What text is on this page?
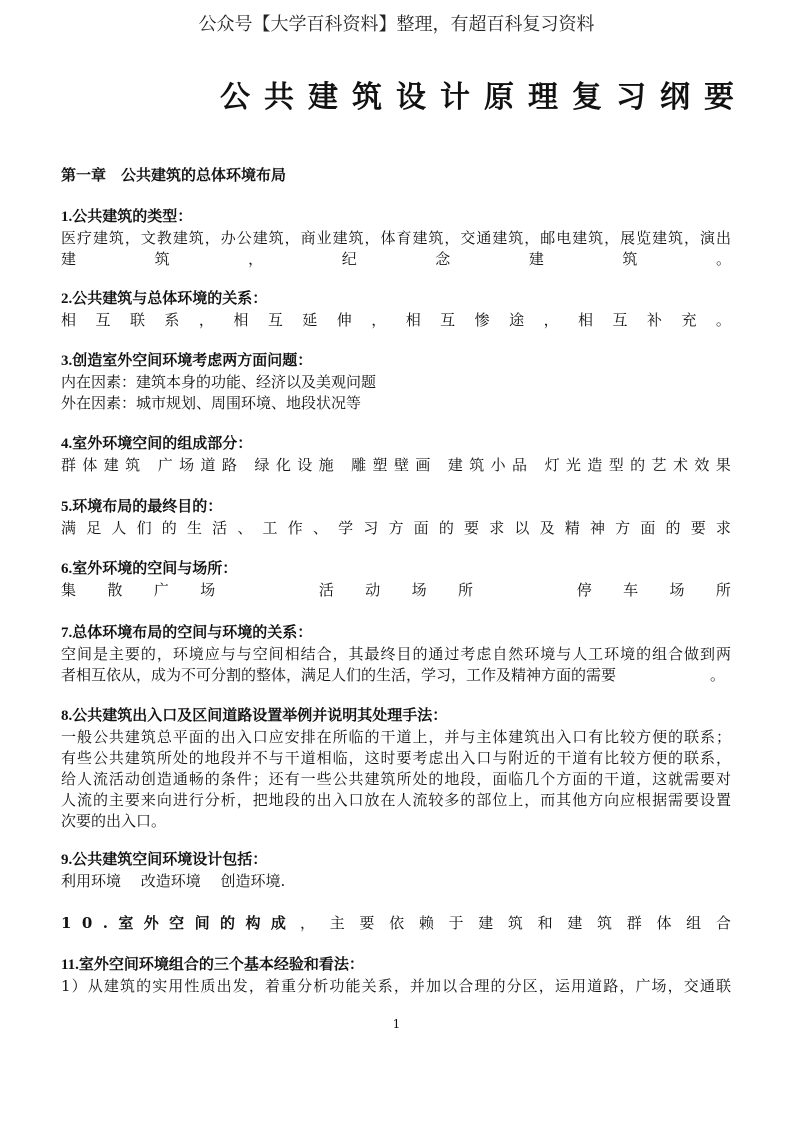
公众号【大学百科资料】整理，有超百科复习资料
公 共 建 筑 设 计 原 理 复 习 纲 要
第一章　公共建筑的总体环境布局
1.公共建筑的类型：
医疗建筑，文教建筑，办公建筑，商业建筑，体育建筑，交通建筑，邮电建筑，展览建筑，演出
建	筑	，	纪	念	建	筑	。
2.公共建筑与总体环境的关系：
相 互 联 系 ， 相 互 延 伸 ， 相 互 惨 途 ， 相 互 补 充 。
3.创造室外空间环境考虑两方面问题：
内在因素：建筑本身的功能、经济以及美观问题
外在因素：城市规划、周围环境、地段状况等
4.室外环境空间的组成部分：
群 体 建 筑
广 场 道 路
绿 化 设 施
雕 塑 壁 画
建 筑 小 品
灯 光 造 型 的 艺 术 效 果
5.环境布局的最终目的：
满 足 人 们 的 生 活 、 工 作 、 学 习 方 面 的 要 求 以 及 精 神 方 面 的 要 求
6.室外环境的空间与场所：
集 散 广 场

	活 动 场 所

	停 车 场 所
7.总体环境布局的空间与环境的关系：
空间是主要的，环境应与与空间相结合，其最终目的通过考虑自然环境与人工环境的组合做到两
者相互依从，成为不可分割的整体，满足人们的生活，学习，工作及精神方面的需要	。
8.公共建筑出入口及区间道路设置举例并说明其处理手法：
一般公共建筑总平面的出入口应安排在所临的干道上，并与主体建筑出入口有比较方便的联系；
有些公共建筑所处的地段并不与干道相临，这时要考虑出入口与附近的干道有比较方便的联系，
给人流活动创造通畅的条件；还有一些公共建筑所处的地段，面临几个方面的干道，这就需要对
人流的主要来向进行分析，把地段的出入口放在人流较多的部位上，而其他方向应根据需要设置
次要的出入口。
9.公共建筑空间环境设计包括：
利用环境　 改造环境　 创造环境.
1 0 . 室 外 空 间 的 构 成 ， 主 要 依 赖 于 建 筑 和 建 筑 群 体 组 合
11.室外空间环境组合的三个基本经验和看法：
1）从建筑的实用性质出发，着重分析功能关系，并加以合理的分区，运用道路，广场，交通联
1
